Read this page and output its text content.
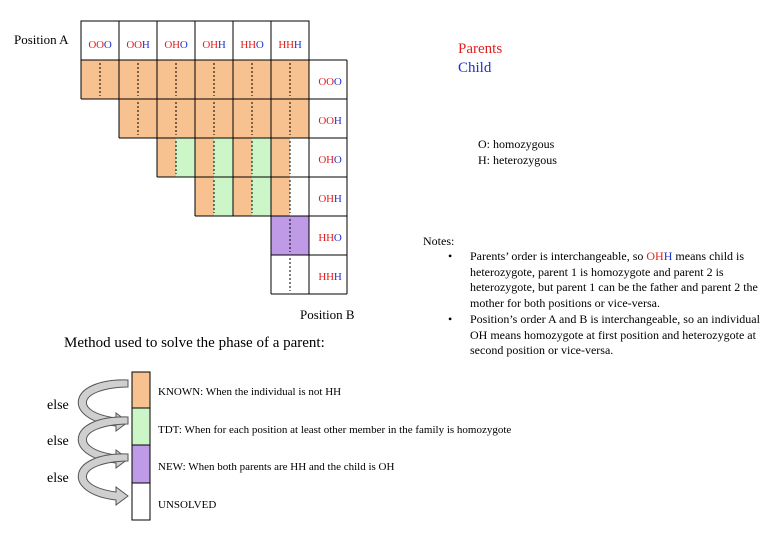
Position A
Position B
OOO	OOH	OHO	OHH	HHO	HHH
OOO
OOH
OHO
OHH
HHO
HHH
Parents
Child
O: homozygous
H: heterozygous
Notes:
• Parents’ order is interchangeable, so OHH means child is heterozygote, parent 1 is homozygote and parent 2 is heterozygote, but parent 1 can be the father and parent 2 the mother for both positions or vice-versa.
• Position’s order A and B is interchangeable, so an individual OH means homozygote at first position and heterozygote at second position or vice-versa.
Method used to solve the phase of a parent:
else
else
else
KNOWN: When the individual is not HH
TDT: When for each position at least other member in the family is homozygote
NEW: When both parents are HH and the child is OH
UNSOLVED
